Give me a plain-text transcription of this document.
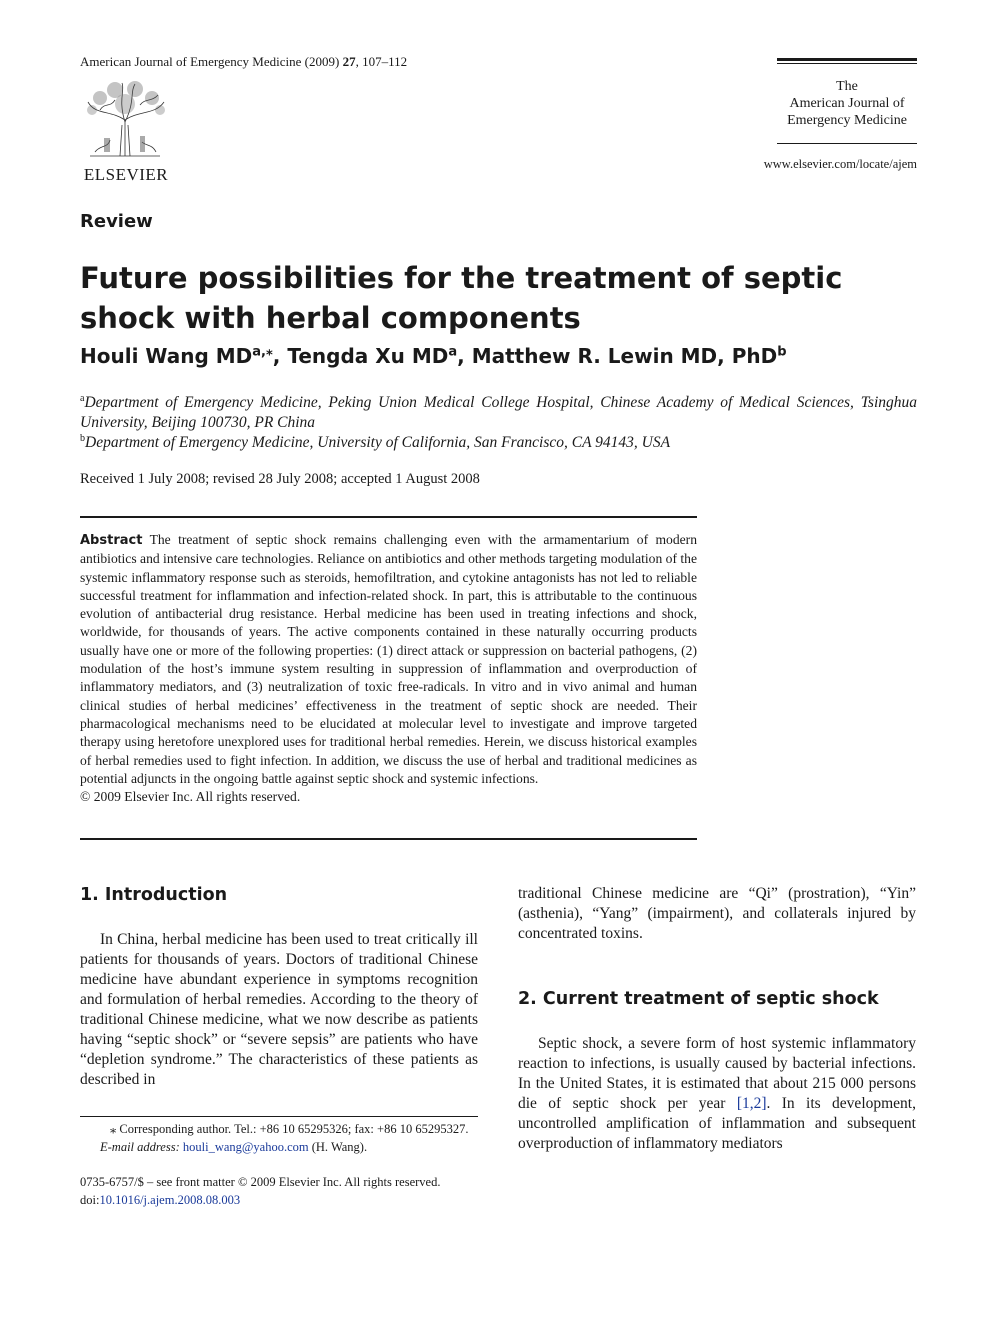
American Journal of Emergency Medicine (2009) 27, 107–112
ELSEVIER
The
American Journal of
Emergency Medicine
www.elsevier.com/locate/ajem
Review
Future possibilities for the treatment of septic shock with herbal components
Houli Wang $MD^{a,⁎}$, Tengda Xu $MD^a$, Matthew R. Lewin MD, PhD$^b$
$^a$Department of Emergency Medicine, Peking Union Medical College Hospital, Chinese Academy of Medical Sciences, Tsinghua University, Beijing 100730, PR China
$^b$Department of Emergency Medicine, University of California, San Francisco, CA 94143, USA
Received 1 July 2008; revised 28 July 2008; accepted 1 August 2008
Abstract The treatment of septic shock remains challenging even with the armamentarium of modern antibiotics and intensive care technologies. Reliance on antibiotics and other methods targeting modulation of the systemic inflammatory response such as steroids, hemofiltration, and cytokine antagonists has not led to reliable successful treatment for inflammation and infection-related shock. In part, this is attributable to the continuous evolution of antibacterial drug resistance. Herbal medicine has been used in treating infections and shock, worldwide, for thousands of years. The active components contained in these naturally occurring products usually have one or more of the following properties: (1) direct attack or suppression on bacterial pathogens, (2) modulation of the host’s immune system resulting in suppression of inflammation and overproduction of inflammatory mediators, and (3) neutralization of toxic free-radicals. In vitro and in vivo animal and human clinical studies of herbal medicines’ effectiveness in the treatment of septic shock are needed. Their pharmacological mechanisms need to be elucidated at molecular level to investigate and improve targeted therapy using heretofore unexplored uses for traditional herbal remedies. Herein, we discuss historical examples of herbal remedies used to fight infection. In addition, we discuss the use of herbal and traditional medicines as potential adjuncts in the ongoing battle against septic shock and systemic infections.
© 2009 Elsevier Inc. All rights reserved.
1. Introduction
In China, herbal medicine has been used to treat critically ill patients for thousands of years. Doctors of traditional Chinese medicine have abundant experience in symptoms recognition and formulation of herbal remedies. According to the theory of traditional Chinese medicine, what we now describe as patients having “septic shock” or “severe sepsis” are patients who have “depletion syndrome.” The characteristics of these patients as described in
⁎ Corresponding author. Tel.: +86 10 65295326; fax: +86 10 65295327.
E-mail address: houli_wang@yahoo.com (H. Wang).
0735-6757/$ – see front matter © 2009 Elsevier Inc. All rights reserved.
doi:10.1016/j.ajem.2008.08.003
traditional Chinese medicine are “Qi” (prostration), “Yin” (asthenia), “Yang” (impairment), and collaterals injured by concentrated toxins.
2. Current treatment of septic shock
Septic shock, a severe form of host systemic inflammatory reaction to infections, is usually caused by bacterial infections. In the United States, it is estimated that about 215 000 persons die of septic shock per year [1,2]. In its development, uncontrolled amplification of inflammation and subsequent overproduction of inflammatory mediators
